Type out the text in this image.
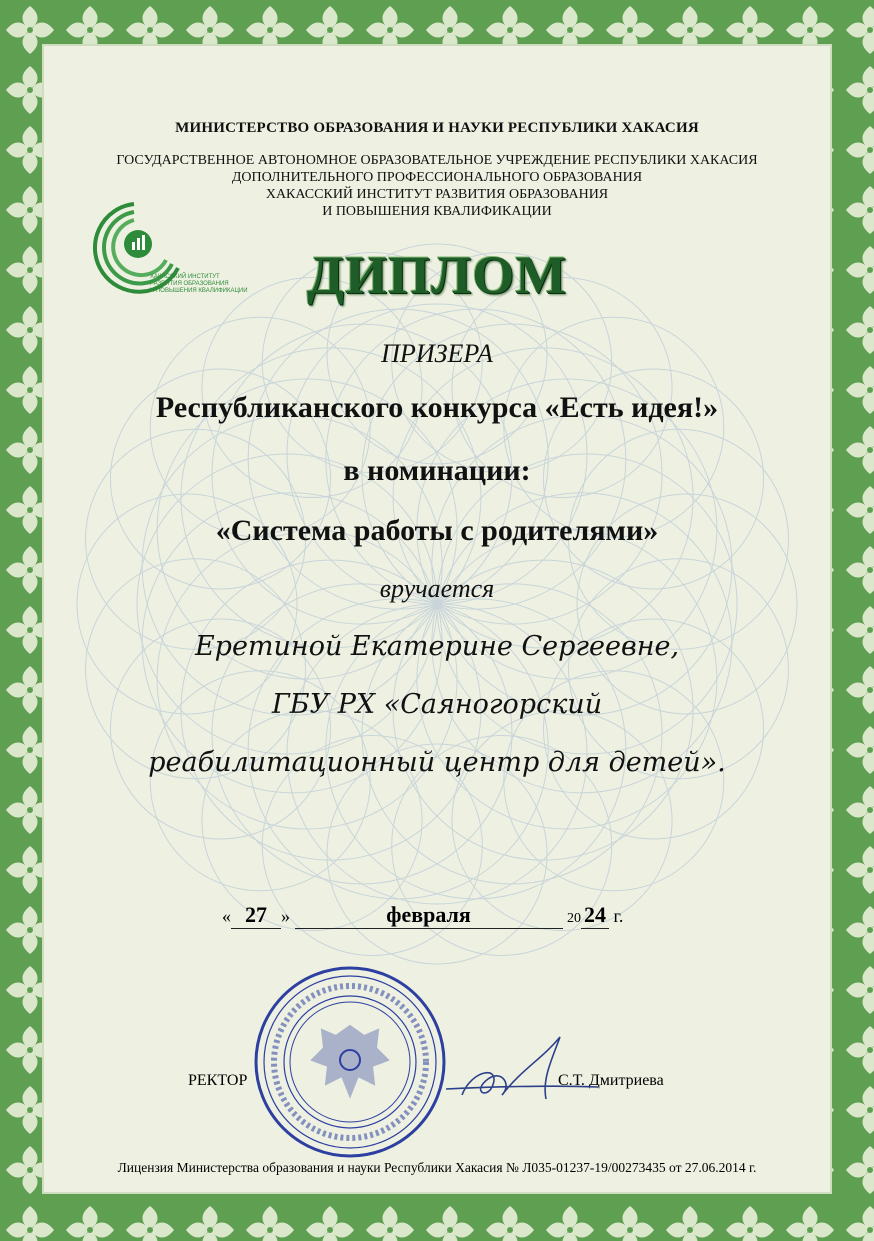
ХАКАССКИЙ ИНСТИТУТ
РАЗВИТИЯ ОБРАЗОВАНИЯ
И ПОВЫШЕНИЯ КВАЛИФИКАЦИИ
МИНИСТЕРСТВО ОБРАЗОВАНИЯ И НАУКИ РЕСПУБЛИКИ ХАКАСИЯ
ГОСУДАРСТВЕННОЕ АВТОНОМНОЕ ОБРАЗОВАТЕЛЬНОЕ УЧРЕЖДЕНИЕ РЕСПУБЛИКИ ХАКАСИЯ
ДОПОЛНИТЕЛЬНОГО ПРОФЕССИОНАЛЬНОГО ОБРАЗОВАНИЯ
ХАКАССКИЙ ИНСТИТУТ РАЗВИТИЯ ОБРАЗОВАНИЯ
И ПОВЫШЕНИЯ КВАЛИФИКАЦИИ
ДИПЛОМ
ПРИЗЕРА
Республиканского конкурса «Есть идея!»
в номинации:
«Система работы с родителями»
вручается
Еретиной Екатерине Сергеевне,
ГБУ РХ «Саяногорский
реабилитационный центр для детей».
« 27 »	февраля	20 24 г.
РЕКТОР	С.Т. Дмитриева
Лицензия Министерства образования и науки Республики Хакасия № Л035-01237-19/00273435 от 27.06.2014 г.
